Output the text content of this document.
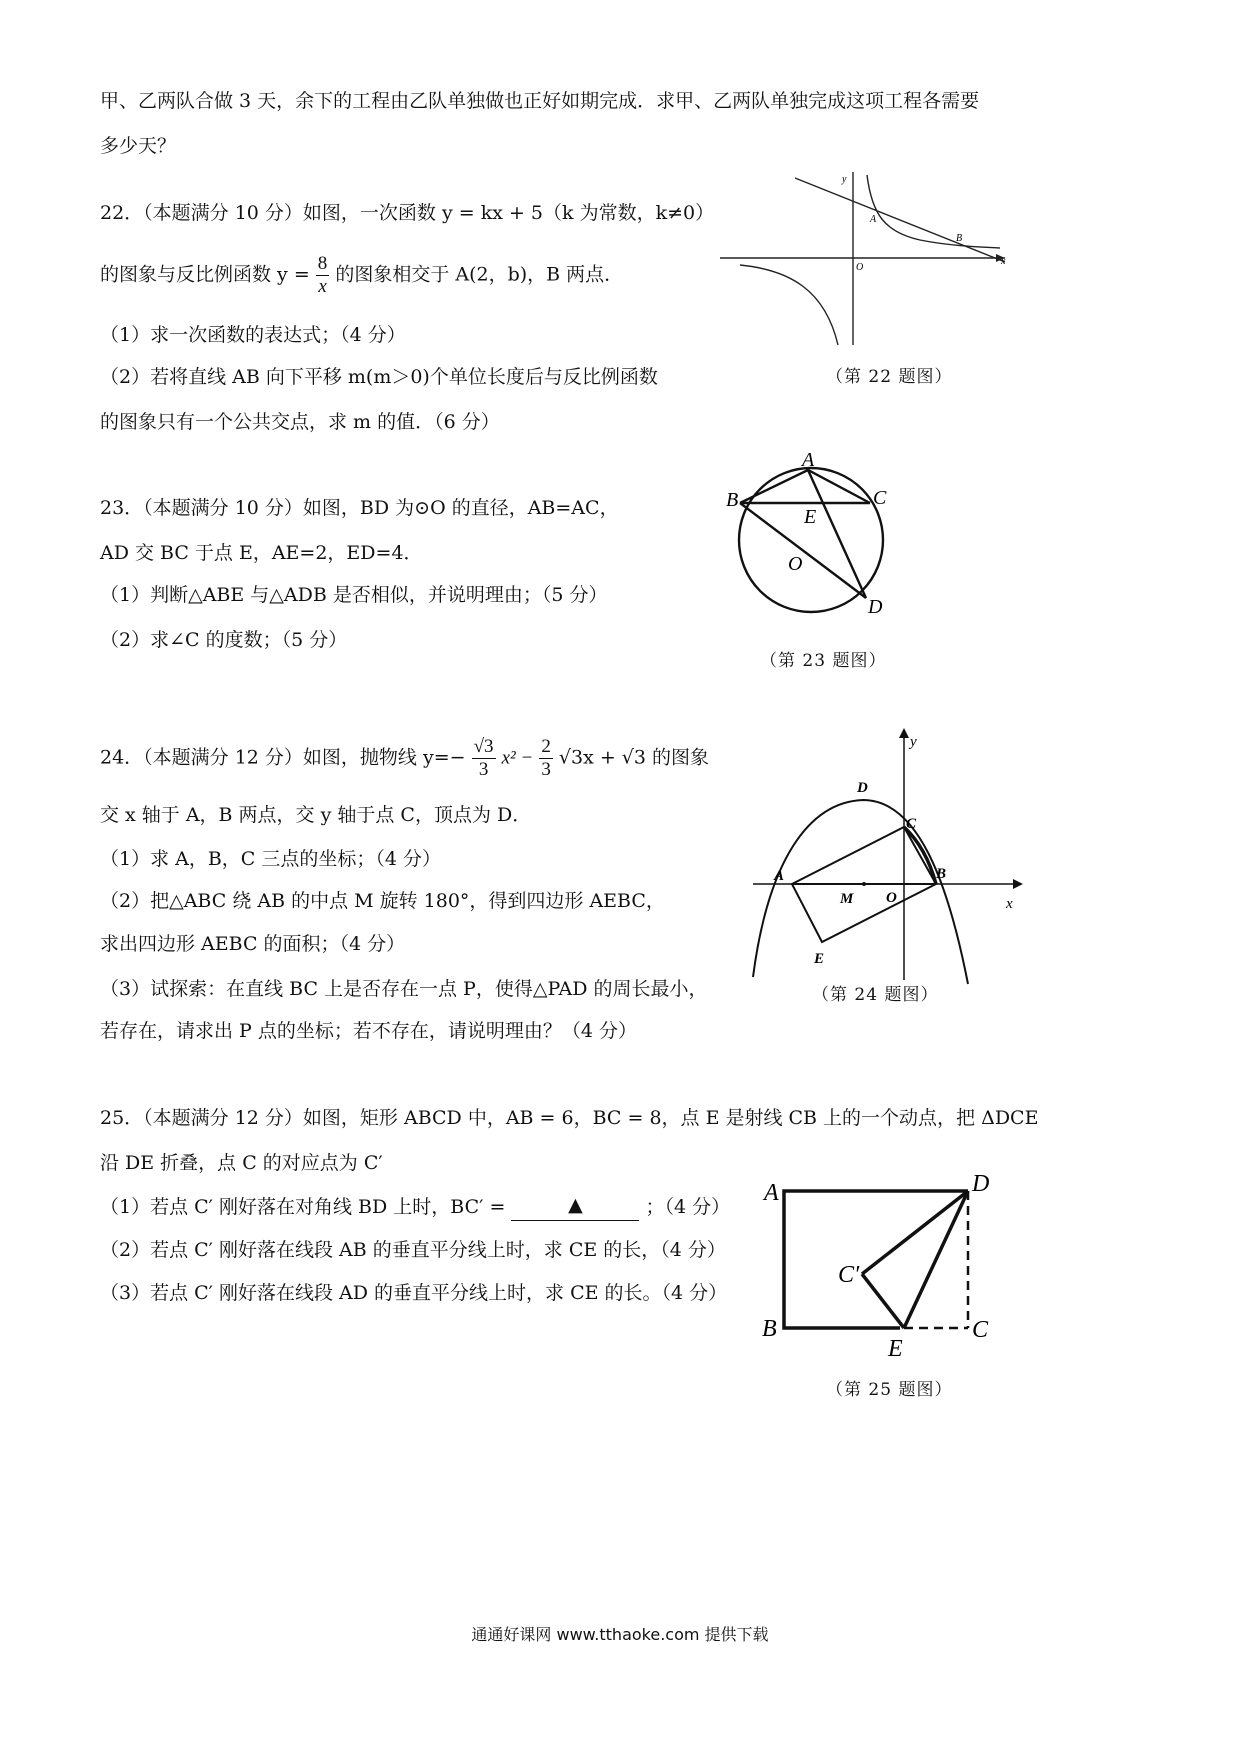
甲、乙两队合做 3 天，余下的工程由乙队单独做也正好如期完成．求甲、乙两队单独完成这项工程各需要
多少天？
22．（本题满分 10 分）如图，一次函数 y = kx + 5（k 为常数，k≠0）
的图象与反比例函数 $y = \frac{8}{x}$ 的图象相交于 A(2，b)，B 两点．
（1）求一次函数的表达式；（4 分）
（2）若将直线 AB 向下平移 m(m＞0)个单位长度后与反比例函数
的图象只有一个公共交点，求 m 的值．（6 分）
y
A
B
O
x
（第 22 题图）
23．（本题满分 10 分）如图，BD 为⊙O 的直径，AB=AC，
AD 交 BC 于点 E，AE=2，ED=4．
（1）判断△ABE 与△ADB 是否相似，并说明理由；（5 分）
（2）求∠C 的度数；（5 分）
A
B	C
D
E
O
（第 23 题图）
24．（本题满分 12 分）如图，抛物线 $y=- \frac{√3}{3} x^2 - \frac{2}{3} √3x + √3$ 的图象
交 x 轴于 A，B 两点，交 y 轴于点 C，顶点为 D．
（1）求 A，B，C 三点的坐标；（4 分）
（2）把△ABC 绕 AB 的中点 M 旋转 180°，得到四边形 AEBC，
求出四边形 AEBC 的面积；（4 分）
（3）试探索：在直线 BC 上是否存在一点 P，使得△PAD 的周长最小，
若存在，请求出 P 点的坐标；若不存在，请说明理由？（4 分）
y
x
A	B
C
D
E
M O
（第 24 题图）
25．（本题满分 12 分）如图，矩形 ABCD 中，AB = 6，BC = 8，点 E 是射线 CB 上的一个动点，把 ΔDCE
沿 DE 折叠，点 C 的对应点为 C′
（1）若点 C′ 刚好落在对角线 BD 上时，BC′ =	▲	；（4 分）
（2）若点 C′ 刚好落在线段 AB 的垂直平分线上时，求 CE 的长，（4 分）
（3）若点 C′ 刚好落在线段 AD 的垂直平分线上时，求 CE 的长。（4 分）
A
B	C
D
E
C′
（第 25 题图）
通通好课网 www.tthaoke.com 提供下载
